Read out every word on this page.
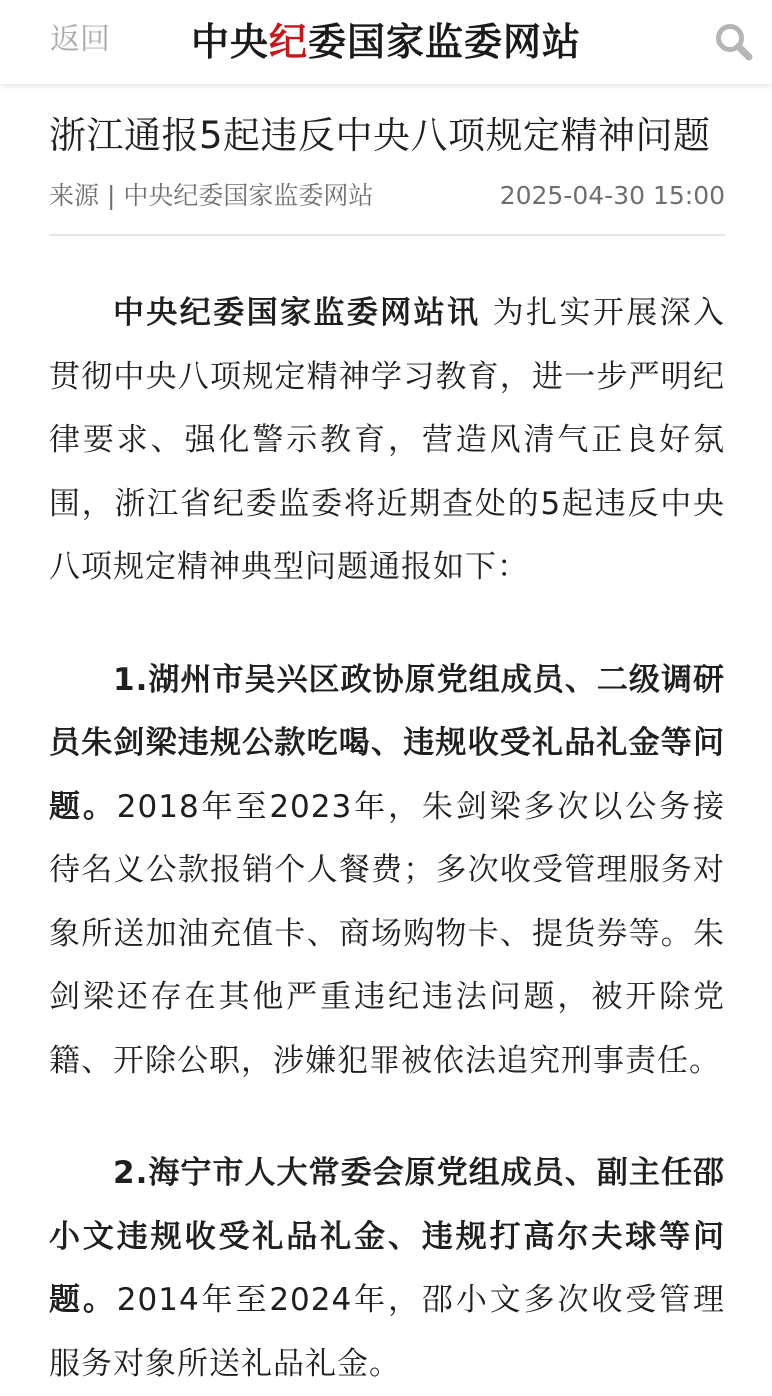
返回	中央纪委国家监委网站
浙江通报5起违反中央八项规定精神问题
来源 | 中央纪委国家监委网站	2025-04-30 15:00

中央纪委国家监委网站讯 为扎实开展深入贯彻中央八项规定精神学习教育，进一步严明纪律要求、强化警示教育，营造风清气正良好氛围，浙江省纪委监委将近期查处的5起违反中央八项规定精神典型问题通报如下：

1.湖州市吴兴区政协原党组成员、二级调研员朱剑梁违规公款吃喝、违规收受礼品礼金等问题。2018年至2023年，朱剑梁多次以公务接待名义公款报销个人餐费；多次收受管理服务对象所送加油充值卡、商场购物卡、提货券等。朱剑梁还存在其他严重违纪违法问题，被开除党籍、开除公职，涉嫌犯罪被依法追究刑事责任。

2.海宁市人大常委会原党组成员、副主任邵小文违规收受礼品礼金、违规打高尔夫球等问题。2014年至2024年，邵小文多次收受管理服务对象所送礼品礼金。
